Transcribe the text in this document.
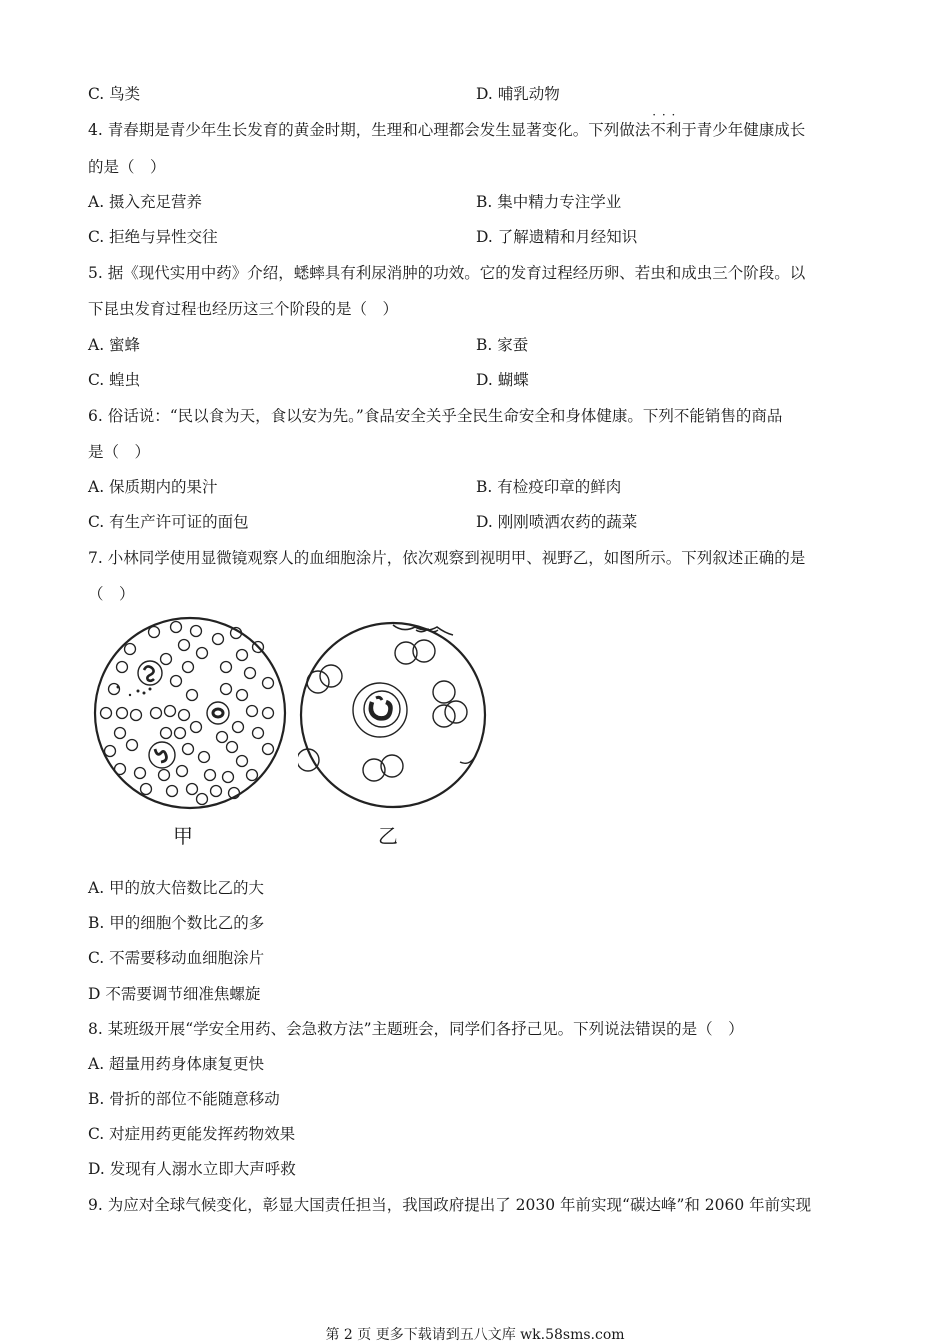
C. 鸟类	D. 哺乳动物
4. 青春期是青少年生长发育的黄金时期，生理和心理都会发生显著变化。下列做法· · · 不利于青少年健康成长
的是（　）
A. 摄入充足营养	B. 集中精力专注学业
C. 拒绝与异性交往	D. 了解遗精和月经知识
5. 据《现代实用中药》介绍，蟋蟀具有利尿消肿的功效。它的发育过程经历卵、若虫和成虫三个阶段。以
下昆虫发育过程也经历这三个阶段的是（　）
A. 蜜蜂	B. 家蚕
C. 蝗虫	D. 蝴蝶
6. 俗话说：“民以食为天，食以安为先。”食品安全关乎全民生命安全和身体健康。下列不能销售的商品
是（　）
A. 保质期内的果汁	B. 有检疫印章的鲜肉
C. 有生产许可证的面包	D. 刚刚喷洒农药的蔬菜
7. 小林同学使用显微镜观察人的血细胞涂片，依次观察到视明甲、视野乙，如图所示。下列叙述正确的是
（　）
甲	乙
A. 甲的放大倍数比乙的大
B. 甲的细胞个数比乙的多
C. 不需要移动血细胞涂片
D 不需要调节细准焦螺旋
8. 某班级开展“学安全用药、会急救方法”主题班会，同学们各抒己见。下列说法错误的是（　）
A. 超量用药身体康复更快
B. 骨折的部位不能随意移动
C. 对症用药更能发挥药物效果
D. 发现有人溺水立即大声呼救
9. 为应对全球气候变化，彰显大国责任担当，我国政府提出了 2030 年前实现“碳达峰”和 2060 年前实现
第 2 页 更多下载请到五八文库 wk.58sms.com
